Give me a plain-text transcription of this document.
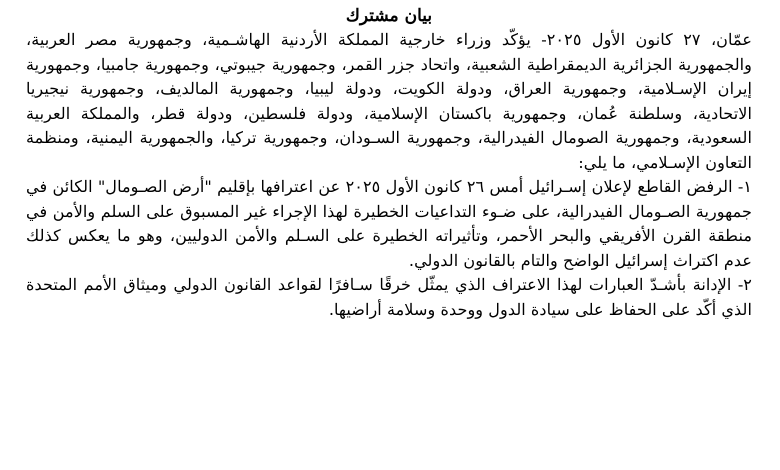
بيان مشترك

عمّان، ٢٧ كانون الأول ٢٠٢٥- يؤكّد وزراء خارجية المملكة الأردنية الهاشـمية، وجمهورية مصر العربية، والجمهورية الجزائرية الديمقراطية الشعبية، واتحاد جزر القمر، وجمهورية جيبوتي، وجمهورية جامبيا، وجمهورية إيران الإسـلامية، وجمهورية العراق، ودولة الكويت، ودولة ليبيا، وجمهورية المالديف، وجمهورية نيجيريا الاتحادية، وسلطنة عُمان، وجمهورية باكستان الإسلامية، ودولة فلسطين، ودولة قطر، والمملكة العربية السعودية، وجمهورية الصومال الفيدرالية، وجمهورية السـودان، وجمهورية تركيا، والجمهورية اليمنية، ومنظمة التعاون الإسـلامي، ما يلي:

١- الرفض القاطع لإعلان إسـرائيل أمس ٢٦ كانون الأول ٢٠٢٥ عن اعترافها بإقليم "أرض الصـومال" الكائن في جمهورية الصـومال الفيدرالية، على ضـوء التداعيات الخطيرة لهذا الإجراء غير المسبوق على السلم والأمن في منطقة القرن الأفريقي والبحر الأحمر، وتأثيراته الخطيرة على السـلم والأمن الدوليين، وهو ما يعكس كذلك عدم اكتراث إسرائيل الواضح والتام بالقانون الدولي.

٢- الإدانة بأشـدّ العبارات لهذا الاعتراف الذي يمثّل خرقًا سـافرًا لقواعد القانون الدولي وميثاق الأمم المتحدة الذي أكّد على الحفاظ على سيادة الدول ووحدة وسلامة أراضيها.
